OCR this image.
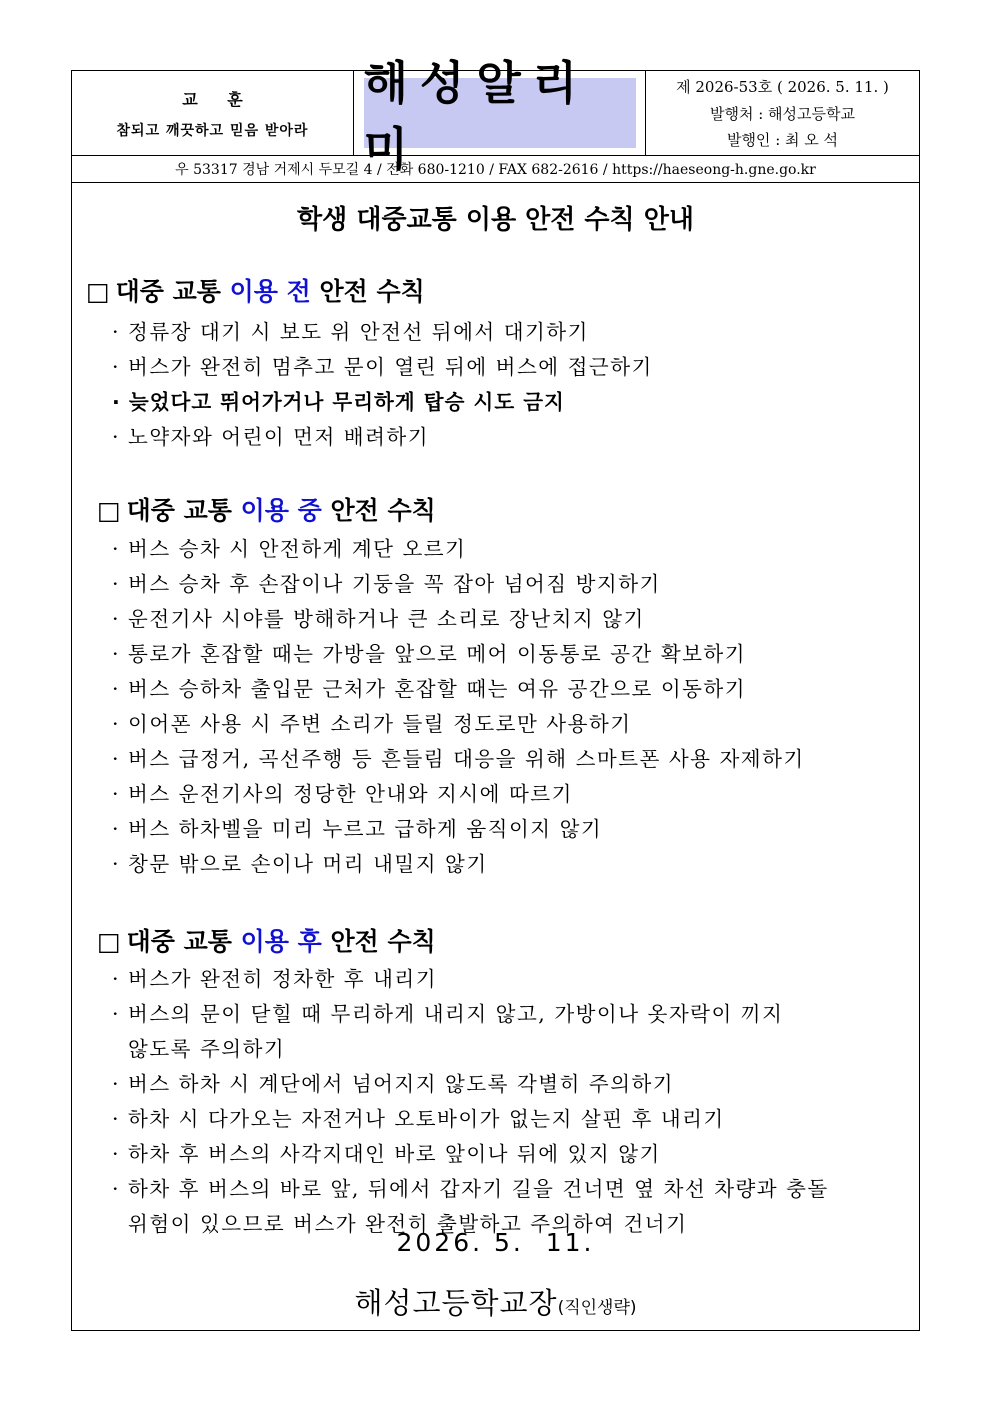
교 훈
참되고 깨끗하고 믿음 받아라
해성알리미
제 2026-53호 ( 2026. 5. 11. )
발행처 : 해성고등학교
발행인 : 최 오 석
우 53317 경남 거제시 두모길 4 / 전화 680-1210 / FAX 682-2616 / https://haeseong-h.gne.go.kr
학생 대중교통 이용 안전 수칙 안내
□ 대중 교통 이용 전 안전 수칙
· 정류장 대기 시 보도 위 안전선 뒤에서 대기하기
· 버스가 완전히 멈추고 문이 열린 뒤에 버스에 접근하기
· 늦었다고 뛰어가거나 무리하게 탑승 시도 금지
· 노약자와 어린이 먼저 배려하기
□ 대중 교통 이용 중 안전 수칙
· 버스 승차 시 안전하게 계단 오르기
· 버스 승차 후 손잡이나 기둥을 꼭 잡아 넘어짐 방지하기
· 운전기사 시야를 방해하거나 큰 소리로 장난치지 않기
· 통로가 혼잡할 때는 가방을 앞으로 메어 이동통로 공간 확보하기
· 버스 승하차 출입문 근처가 혼잡할 때는 여유 공간으로 이동하기
· 이어폰 사용 시 주변 소리가 들릴 정도로만 사용하기
· 버스 급정거, 곡선주행 등 흔들림 대응을 위해 스마트폰 사용 자제하기
· 버스 운전기사의 정당한 안내와 지시에 따르기
· 버스 하차벨을 미리 누르고 급하게 움직이지 않기
· 창문 밖으로 손이나 머리 내밀지 않기
□ 대중 교통 이용 후 안전 수칙
· 버스가 완전히 정차한 후 내리기
· 버스의 문이 닫힐 때 무리하게 내리지 않고, 가방이나 옷자락이 끼지
않도록 주의하기
· 버스 하차 시 계단에서 넘어지지 않도록 각별히 주의하기
· 하차 시 다가오는 자전거나 오토바이가 없는지 살핀 후 내리기
· 하차 후 버스의 사각지대인 바로 앞이나 뒤에 있지 않기
· 하차 후 버스의 바로 앞, 뒤에서 갑자기 길을 건너면 옆 차선 차량과 충돌
위험이 있으므로 버스가 완전히 출발하고 주의하여 건너기
2026. 5.  11.
해성고등학교장(직인생략)
